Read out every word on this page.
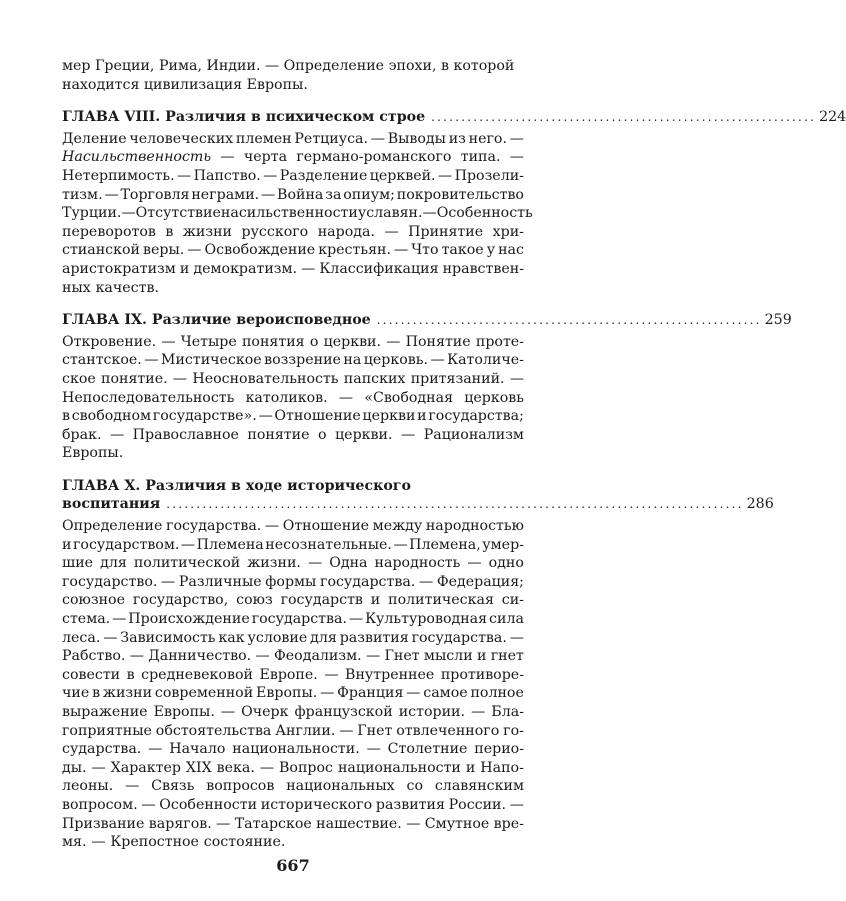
мер Греции, Рима, Индии. — Определение эпохи, в которой
находится цивилизация Европы.
ГЛАВА VIII. Различия в психическом строе ................................................................ 224
Деление человеческих племен Ретциуса. — Выводы из него. —
Насильственность — черта германо-романского типа. —
Нетерпимость. — Папство. — Разделение церквей. — Прозели-
тизм. — Торговля неграми. — Война за опиум; покровительство
Турции. — Отсутствие насильственности у славян. — Особенность
переворотов в жизни русского народа. — Принятие хри-
стианской веры. — Освобождение крестьян. — Что такое у нас
аристократизм и демократизм. — Классификация нравствен-
ных качеств.
ГЛАВА IX. Различие вероисповедное ................................................................ 259
Откровение. — Четыре понятия о церкви. — Понятие проте-
стантское. — Мистическое воззрение на церковь. — Католиче-
ское понятие. — Неосновательность папских притязаний. —
Непоследовательность католиков. — «Свободная церковь
в свободном государстве». — Отношение церкви и государства;
брак. — Православное понятие о церкви. — Рационализм
Европы.
ГЛАВА X. Различия в ходе исторического
воспитания ................................................................................................ 286
Определение государства. — Отношение между народностью
и государством. — Племена несознательные. — Племена, умер-
шие для политической жизни. — Одна народность — одно
государство. — Различные формы государства. — Федерация;
союзное государство, союз государств и политическая си-
стема. — Происхождение государства. — Культуроводная сила
леса. — Зависимость как условие для развития государства. —
Рабство. — Данничество. — Феодализм. — Гнет мысли и гнет
совести в средневековой Европе. — Внутреннее противоре-
чие в жизни современной Европы. — Франция — самое полное
выражение Европы. — Очерк французской истории. — Бла-
гоприятные обстоятельства Англии. — Гнет отвлеченного го-
сударства. — Начало национальности. — Столетние перио-
ды. — Характер XIX века. — Вопрос национальности и Напо-
леоны. — Связь вопросов национальных со славянским
вопросом. — Особенности исторического развития России. —
Призвание варягов. — Татарское нашествие. — Смутное вре-
мя. — Крепостное состояние.
667
